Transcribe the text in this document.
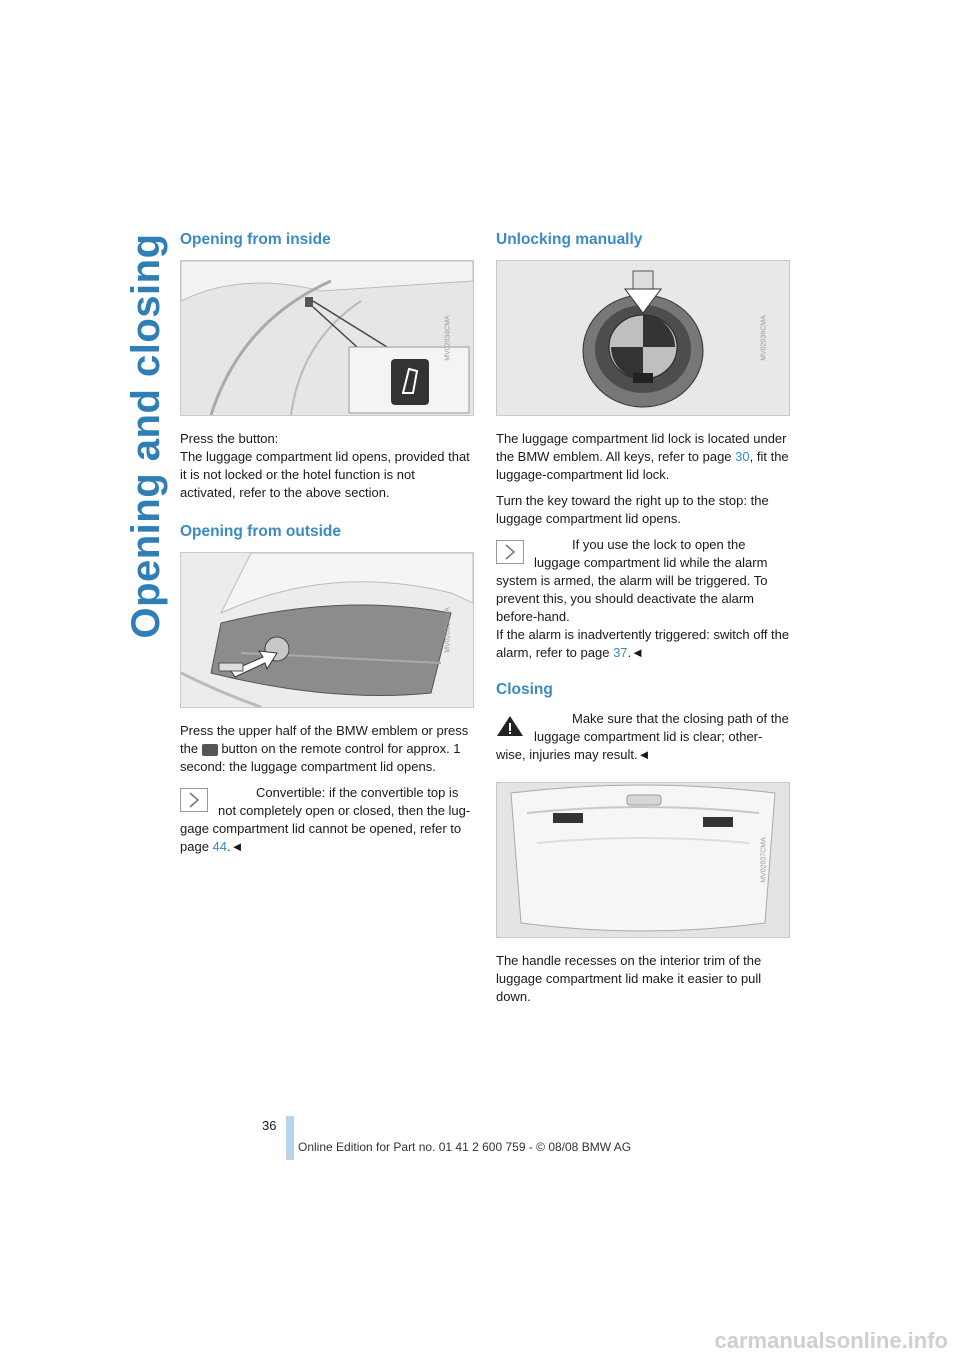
Opening and closing Opening from inside
MV02034CMA

Press the button:
The luggage compartment lid opens, provided that it is not locked or the hotel function is not activated, refer to the above section.

Opening from outside
MV02035CMA

Press the upper half of the BMW emblem or press the button on the remote control for approx. 1 second: the luggage compartment lid opens.

Convertible: if the convertible top is not completely open or closed, then the lug-gage compartment lid cannot be opened, refer to page 44.◄

Unlocking manually
MV02036CMA

The luggage compartment lid lock is located under the BMW emblem. All keys, refer to page 30, fit the luggage-compartment lid lock.

Turn the key toward the right up to the stop: the luggage compartment lid opens.

If you use the lock to open the luggage compartment lid while the alarm system is armed, the alarm will be triggered. To prevent this, you should deactivate the alarm before-hand.
If the alarm is inadvertently triggered: switch off the alarm, refer to page 37.◄

Closing

Make sure that the closing path of the luggage compartment lid is clear; other-wise, injuries may result.◄

MV02037CMA

The handle recesses on the interior trim of the luggage compartment lid make it easier to pull down.

36
Online Edition for Part no. 01 41 2 600 759 - © 08/08 BMW AG
carmanualsonline.info
